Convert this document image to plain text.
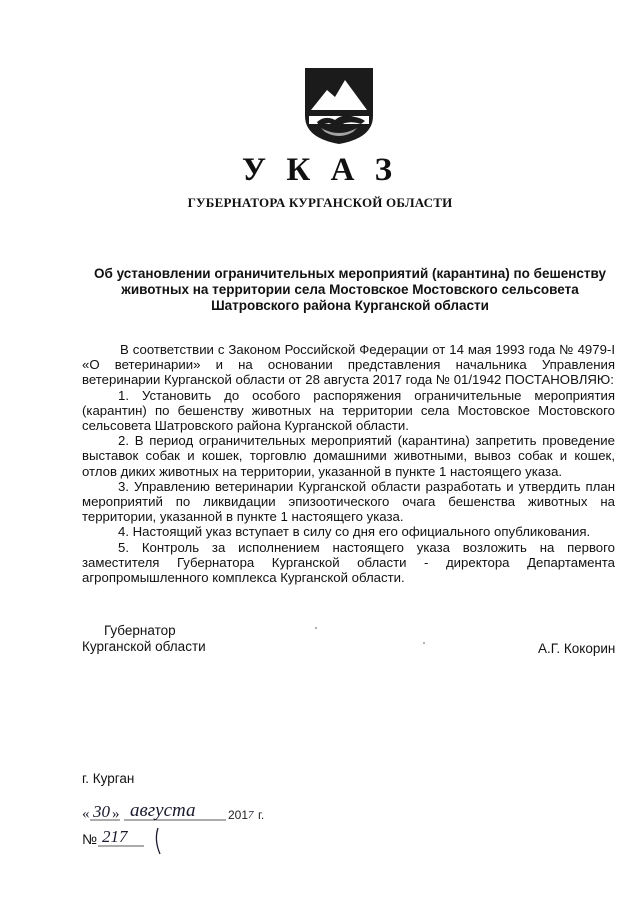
У К А З
ГУБЕРНАТОРА КУРГАНСКОЙ ОБЛАСТИ
Об установлении ограничительных мероприятий (карантина) по бешенству
животных на территории села Мостовское Мостовского сельсовета
Шатровского района Курганской области

В соответствии с Законом Российской Федерации от 14 мая 1993 года № 4979-I «О ветеринарии» и на основании представления начальника Управления ветеринарии Курганской области от 28 августа 2017 года № 01/1942 ПОСТАНОВЛЯЮ:

1. Установить до особого распоряжения ограничительные мероприятия (карантин) по бешенству животных на территории села Мостовское Мостовского сельсовета Шатровского района Курганской области.

2. В период ограничительных мероприятий (карантина) запретить проведение выставок собак и кошек, торговлю домашними животными, вывоз собак и кошек, отлов диких животных на территории, указанной в пункте 1 настоящего указа.

3. Управлению ветеринарии Курганской области разработать и утвердить план мероприятий по ликвидации эпизоотического очага бешенства животных на территории, указанной в пункте 1 настоящего указа.

4. Настоящий указ вступает в силу со дня его официального опубликования.

5. Контроль за исполнением настоящего указа возложить на первого заместителя Губернатора Курганской области - директора Департамента агропромышленного комплекса Курганской области.

Губернатор
Курганской области	А.Г. Кокорин
г. Курган
« 30 » августа	201 7 г.
№ 217
